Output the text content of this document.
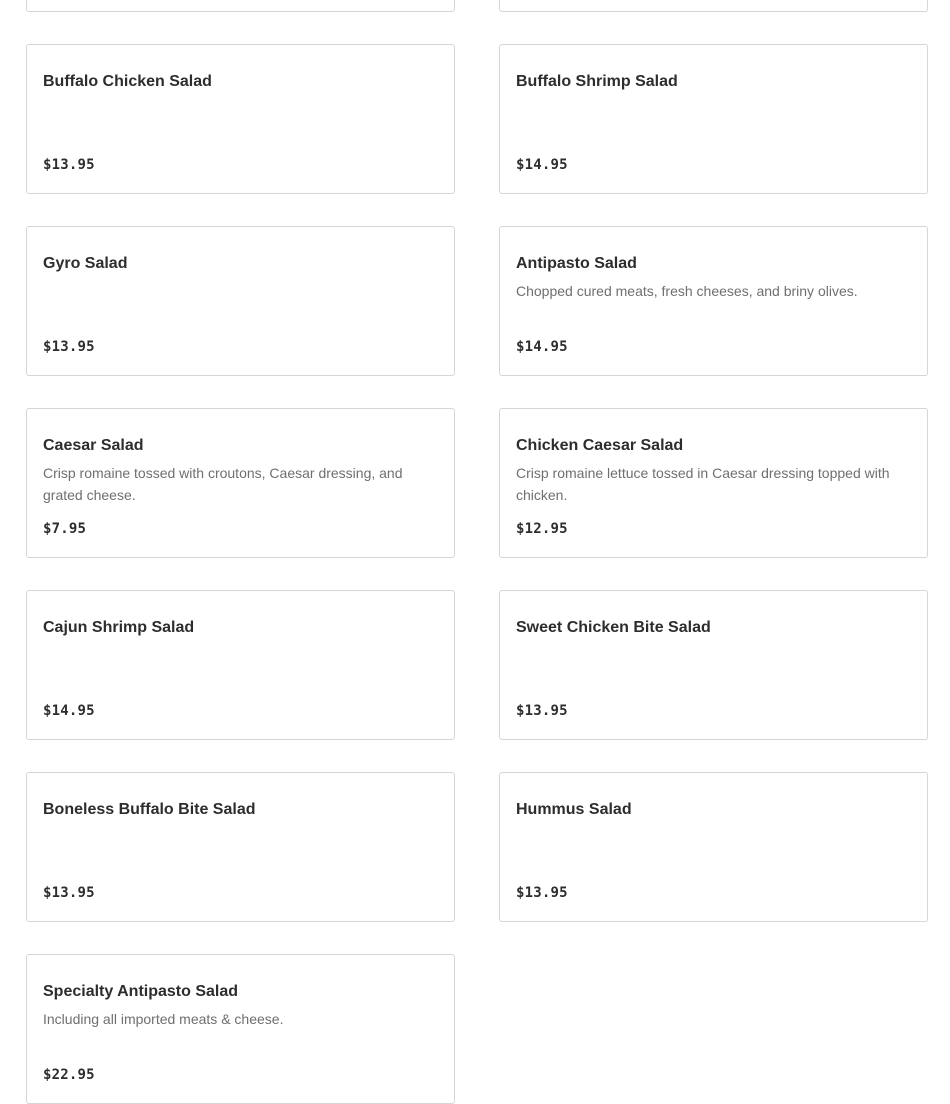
Buffalo Chicken Salad
$13.95
Buffalo Shrimp Salad
$14.95
Gyro Salad
$13.95
Antipasto Salad
Chopped cured meats, fresh cheeses, and briny olives.
$14.95
Caesar Salad
Crisp romaine tossed with croutons, Caesar dressing, and grated cheese.
$7.95
Chicken Caesar Salad
Crisp romaine lettuce tossed in Caesar dressing topped with chicken.
$12.95
Cajun Shrimp Salad
$14.95
Sweet Chicken Bite Salad
$13.95
Boneless Buffalo Bite Salad
$13.95
Hummus Salad
$13.95
Specialty Antipasto Salad
Including all imported meats & cheese.
$22.95
